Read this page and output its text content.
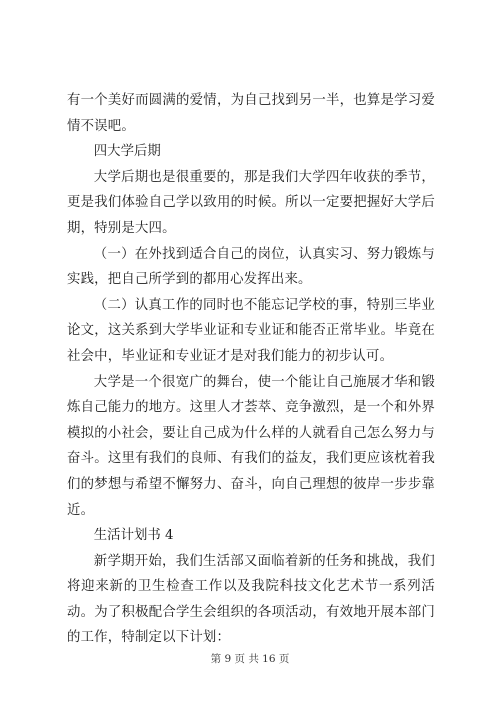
有一个美好而圆满的爱情，为自己找到另一半，也算是学习爱情不误吧。

四大学后期

大学后期也是很重要的，那是我们大学四年收获的季节，更是我们体验自己学以致用的时候。所以一定要把握好大学后期，特别是大四。

（一）在外找到适合自己的岗位，认真实习、努力锻炼与实践，把自己所学到的都用心发挥出来。

（二）认真工作的同时也不能忘记学校的事，特别三毕业论文，这关系到大学毕业证和专业证和能否正常毕业。毕竟在社会中，毕业证和专业证才是对我们能力的初步认可。

大学是一个很宽广的舞台，使一个能让自己施展才华和锻炼自己能力的地方。这里人才荟萃、竞争激烈，是一个和外界模拟的小社会，要让自己成为什么样的人就看自己怎么努力与奋斗。这里有我们的良师、有我们的益友，我们更应该枕着我们的梦想与希望不懈努力、奋斗，向自己理想的彼岸一步步靠近。

生活计划书 4

新学期开始，我们生活部又面临着新的任务和挑战，我们将迎来新的卫生检查工作以及我院科技文化艺术节一系列活动。为了积极配合学生会组织的各项活动，有效地开展本部门的工作，特制定以下计划：

第 9 页 共 16 页
